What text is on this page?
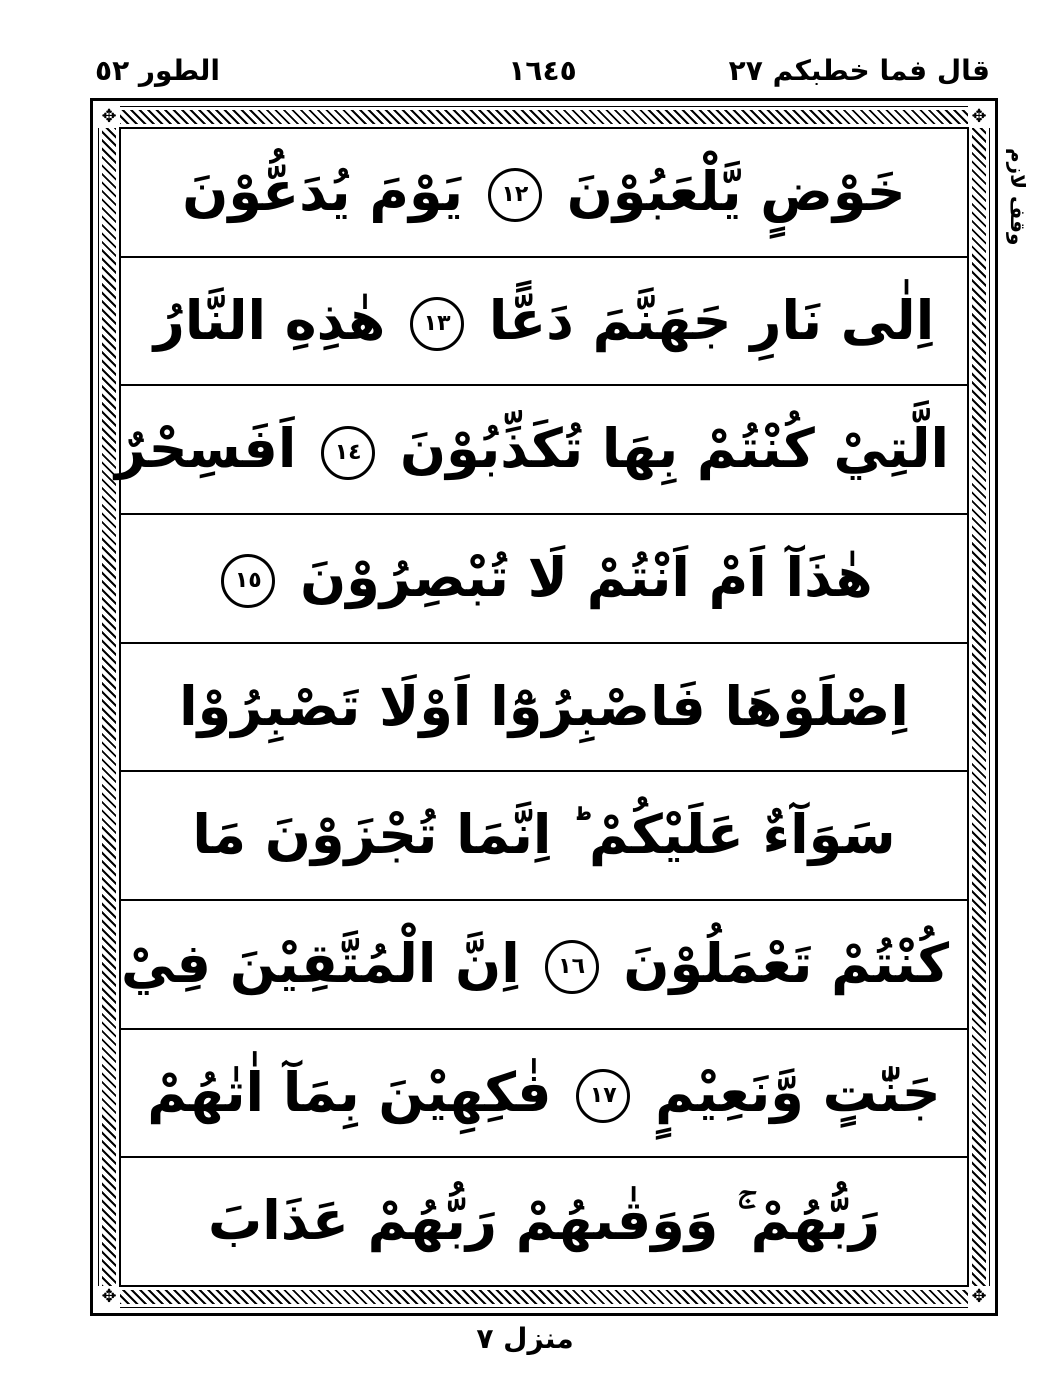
قال فما خطبكم ٢٧
١٦٤٥
الطور ٥٢
وقف لازم
✥	✥
✥	✥
خَوْضٍ يَّلْعَبُوْنَ ١٢ يَوْمَ يُدَعُّوْنَ
اِلٰى نَارِ جَهَنَّمَ دَعًّا ١٣ هٰذِهِ النَّارُ
الَّتِيْ كُنْتُمْ بِهَا تُكَذِّبُوْنَ ١٤ اَفَسِحْرٌ
هٰذَآ اَمْ اَنْتُمْ لَا تُبْصِرُوْنَ ١٥
اِصْلَوْهَا فَاصْبِرُوْٓا اَوْلَا تَصْبِرُوْا
سَوَآءٌ عَلَيْكُمْ ؕ اِنَّمَا تُجْزَوْنَ مَا
كُنْتُمْ تَعْمَلُوْنَ ١٦ اِنَّ الْمُتَّقِيْنَ فِيْ
جَنّٰتٍ وَّنَعِيْمٍ ١٧ فٰكِهِيْنَ بِمَآ اٰتٰهُمْ
رَبُّهُمْ ۚ وَوَقٰىهُمْ رَبُّهُمْ عَذَابَ
منزل ٧
